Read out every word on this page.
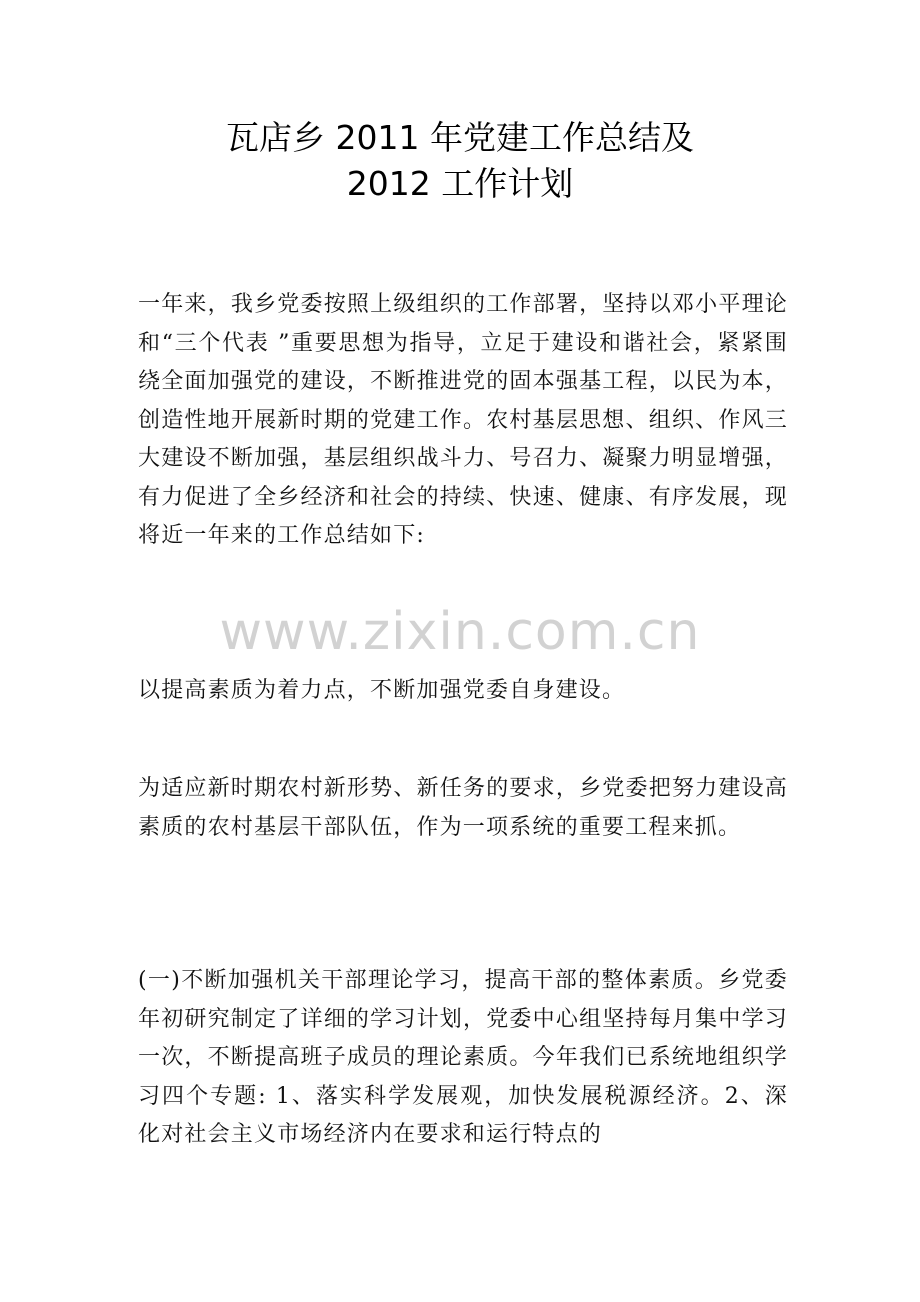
瓦店乡 2011 年党建工作总结及
2012 工作计划

一年来，我乡党委按照上级组织的工作部署，坚持以邓小平理论和“三个代表 ”重要思想为指导，立足于建设和谐社会，紧紧围绕全面加强党的建设，不断推进党的固本强基工程，以民为本，创造性地开展新时期的党建工作。农村基层思想、组织、作风三大建设不断加强，基层组织战斗力、号召力、凝聚力明显增强，有力促进了全乡经济和社会的持续、快速、健康、有序发展，现将近一年来的工作总结如下:

www.zixin.com.cn

以提高素质为着力点，不断加强党委自身建设。

为适应新时期农村新形势、新任务的要求，乡党委把努力建设高素质的农村基层干部队伍，作为一项系统的重要工程来抓。

(一)不断加强机关干部理论学习，提高干部的整体素质。乡党委年初研究制定了详细的学习计划，党委中心组坚持每月集中学习一次，不断提高班子成员的理论素质。今年我们已系统地组织学习四个专题: 1、落实科学发展观，加快发展税源经济。2、深化对社会主义市场经济内在要求和运行特点的
